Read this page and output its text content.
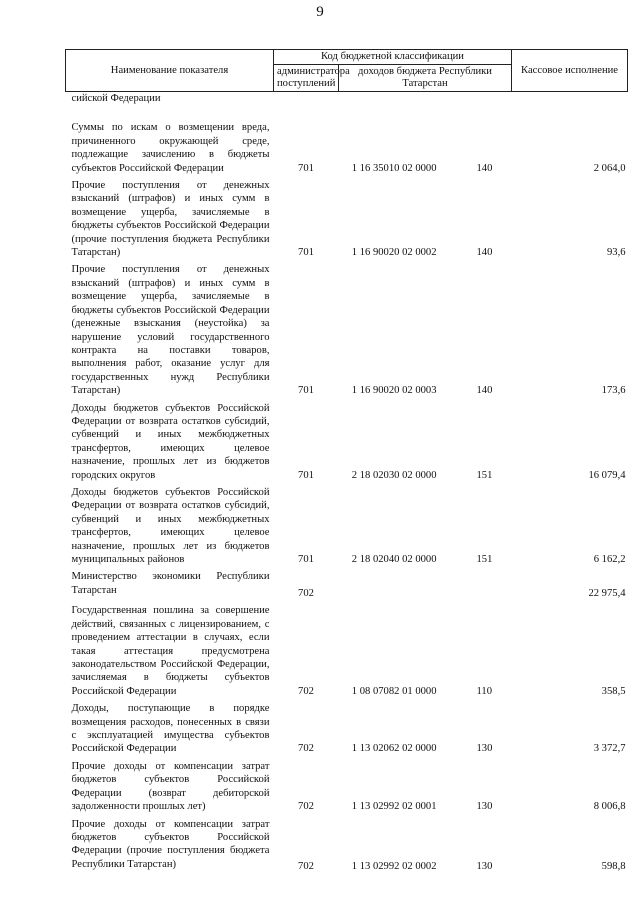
9
Наименование показателя	Код бюджетной классификации			Кассовое исполнение
	администратора поступлений	доходов бюджета Республики Татарстан		
сийской Федерации				
Суммы по искам о возмещении вреда, причиненного окружающей среде, подлежащие зачислению в бюджеты субъектов Российской Федерации	701	1 16 35010 02 0000	140	2 064,0
Прочие поступления от денежных взысканий (штрафов) и иных сумм в возмещение ущерба, зачисляемые в бюджеты субъектов Российской Федерации (прочие поступления бюджета Республики Татарстан)	701	1 16 90020 02 0002	140	93,6
Прочие поступления от денежных взысканий (штрафов) и иных сумм в возмещение ущерба, зачисляемые в бюджеты субъектов Российской Федерации (денежные взыскания (неустойка) за нарушение условий государственного контракта на поставки товаров, выполнения работ, оказание услуг для государственных нужд Республики Татарстан)	701	1 16 90020 02 0003	140	173,6
Доходы бюджетов субъектов Российской Федерации от возврата остатков субсидий, субвенций и иных межбюджетных трансфертов, имеющих целевое назначение, прошлых лет из бюджетов городских округов	701	2 18 02030 02 0000	151	16 079,4
Доходы бюджетов субъектов Российской Федерации от возврата остатков субсидий, субвенций и иных межбюджетных трансфертов, имеющих целевое назначение, прошлых лет из бюджетов муниципальных районов	701	2 18 02040 02 0000	151	6 162,2
Министерство экономики Республики Татарстан	702			22 975,4
Государственная пошлина за совершение действий, связанных с лицензированием, с проведением аттестации в случаях, если такая аттестация предусмотрена законодательством Российской Федерации, зачисляемая в бюджеты субъектов Российской Федерации	702	1 08 07082 01 0000	110	358,5
Доходы, поступающие в порядке возмещения расходов, понесенных в связи с эксплуатацией имущества субъектов Российской Федерации	702	1 13 02062 02 0000	130	3 372,7
Прочие доходы от компенсации затрат бюджетов субъектов Российской Федерации (возврат дебиторской задолженности прошлых лет)	702	1 13 02992 02 0001	130	8 006,8
Прочие доходы от компенсации затрат бюджетов субъектов Российской Федерации (прочие поступления бюджета Республики Татарстан)	702	1 13 02992 02 0002	130	598,8
